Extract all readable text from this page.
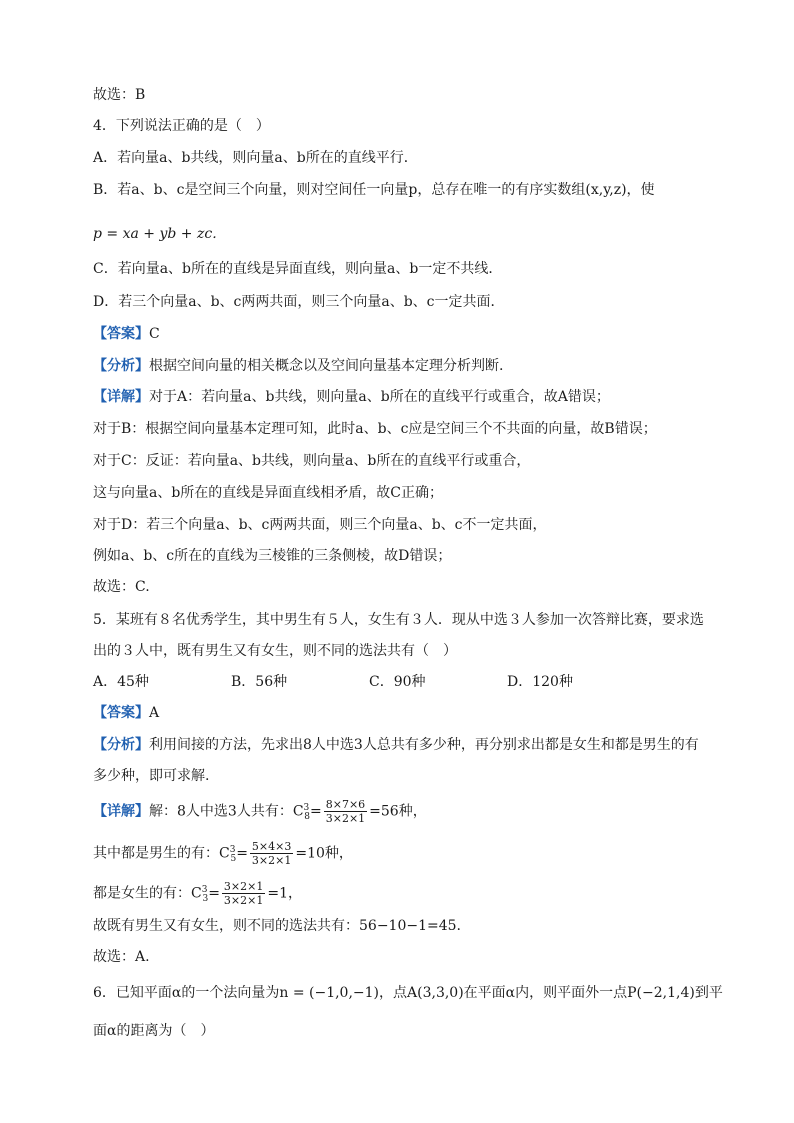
故选：B
4．下列说法正确的是（　）
A．若向量a、b共线，则向量a、b所在的直线平行．
B．若a、b、c是空间三个向量，则对空间任一向量p，总存在唯一的有序实数组(x,y,z)，使
p = xa + yb + zc．
C．若向量a、b所在的直线是异面直线，则向量a、b一定不共线．
D．若三个向量a、b、c两两共面，则三个向量a、b、c一定共面．
【答案】C
【分析】根据空间向量的相关概念以及空间向量基本定理分析判断.
【详解】对于A：若向量a、b共线，则向量a、b所在的直线平行或重合，故A错误；
对于B：根据空间向量基本定理可知，此时a、b、c应是空间三个不共面的向量，故B错误；
对于C：反证：若向量a、b共线，则向量a、b所在的直线平行或重合，
这与向量a、b所在的直线是异面直线相矛盾，故C正确；
对于D：若三个向量a、b、c两两共面，则三个向量a、b、c不一定共面，
例如a、b、c所在的直线为三棱锥的三条侧棱，故D错误；
故选：C.
5．某班有８名优秀学生，其中男生有５人，女生有３人．现从中选３人参加一次答辩比赛，要求选
出的３人中，既有男生又有女生，则不同的选法共有（　）
A．45种	B．56种	C．90种	D．120种
【答案】A
【分析】利用间接的方法，先求出8人中选3人总共有多少种，再分别求出都是女生和都是男生的有
多少种，即可求解.
【详解】解：8人中选3人共有：$C^3_8= \frac{8\times 7\times 6}{3\times 2\times 1} =56$种，
其中都是男生的有：$C^3_5= \frac{5\times 4\times 3}{3\times 2\times 1} =10$种，
都是女生的有：$C^3_3= \frac{3\times 2\times 1}{3\times 2\times 1} =1$，
故既有男生又有女生，则不同的选法共有：56−10−1=45.
故选：A.
6．已知平面α的一个法向量为n = (−1,0,−1)，点A(3,3,0)在平面α内，则平面外一点P(−2,1,4)到平
面α的距离为（　）
